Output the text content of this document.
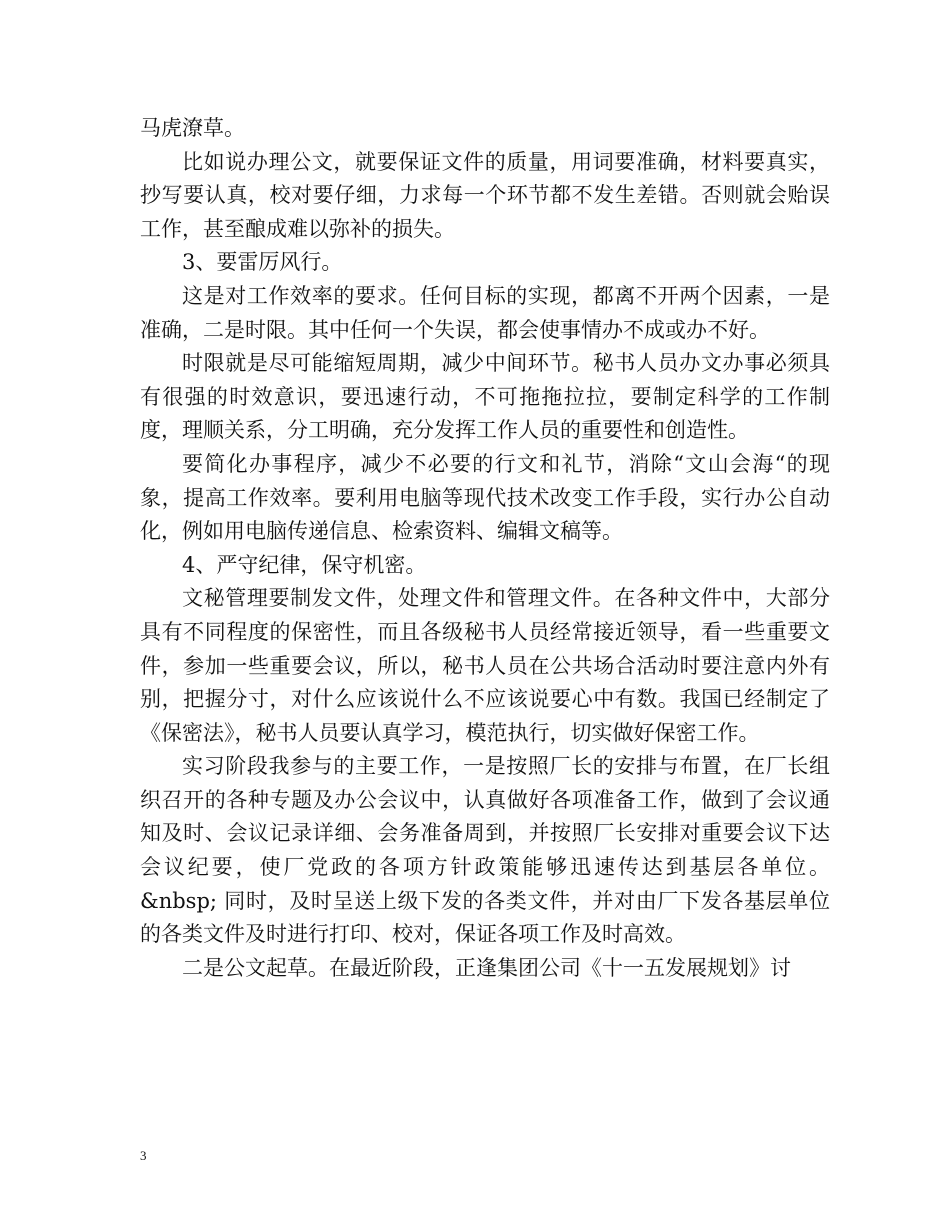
马虎潦草。

比如说办理公文，就要保证文件的质量，用词要准确，材料要真实，抄写要认真，校对要仔细，力求每一个环节都不发生差错。否则就会贻误工作，甚至酿成难以弥补的损失。

3、要雷厉风行。

这是对工作效率的要求。任何目标的实现，都离不开两个因素，一是准确，二是时限。其中任何一个失误，都会使事情办不成或办不好。

时限就是尽可能缩短周期，减少中间环节。秘书人员办文办事必须具有很强的时效意识，要迅速行动，不可拖拖拉拉，要制定科学的工作制度，理顺关系，分工明确，充分发挥工作人员的重要性和创造性。

要简化办事程序，减少不必要的行文和礼节，消除“文山会海“的现象，提高工作效率。要利用电脑等现代技术改变工作手段，实行办公自动化，例如用电脑传递信息、检索资料、编辑文稿等。

4、严守纪律，保守机密。

文秘管理要制发文件，处理文件和管理文件。在各种文件中，大部分具有不同程度的保密性，而且各级秘书人员经常接近领导，看一些重要文件，参加一些重要会议，所以，秘书人员在公共场合活动时要注意内外有别，把握分寸，对什么应该说什么不应该说要心中有数。我国已经制定了《保密法》，秘书人员要认真学习，模范执行，切实做好保密工作。

实习阶段我参与的主要工作，一是按照厂长的安排与布置，在厂长组织召开的各种专题及办公会议中，认真做好各项准备工作，做到了会议通知及时、会议记录详细、会务准备周到，并按照厂长安排对重要会议下达会议纪要，使厂党政的各项方针政策能够迅速传达到基层各单位。 &nbsp; 同时，及时呈送上级下发的各类文件，并对由厂下发各基层单位的各类文件及时进行打印、校对，保证各项工作及时高效。

二是公文起草。在最近阶段，正逢集团公司《十一五发展规划》讨

3
